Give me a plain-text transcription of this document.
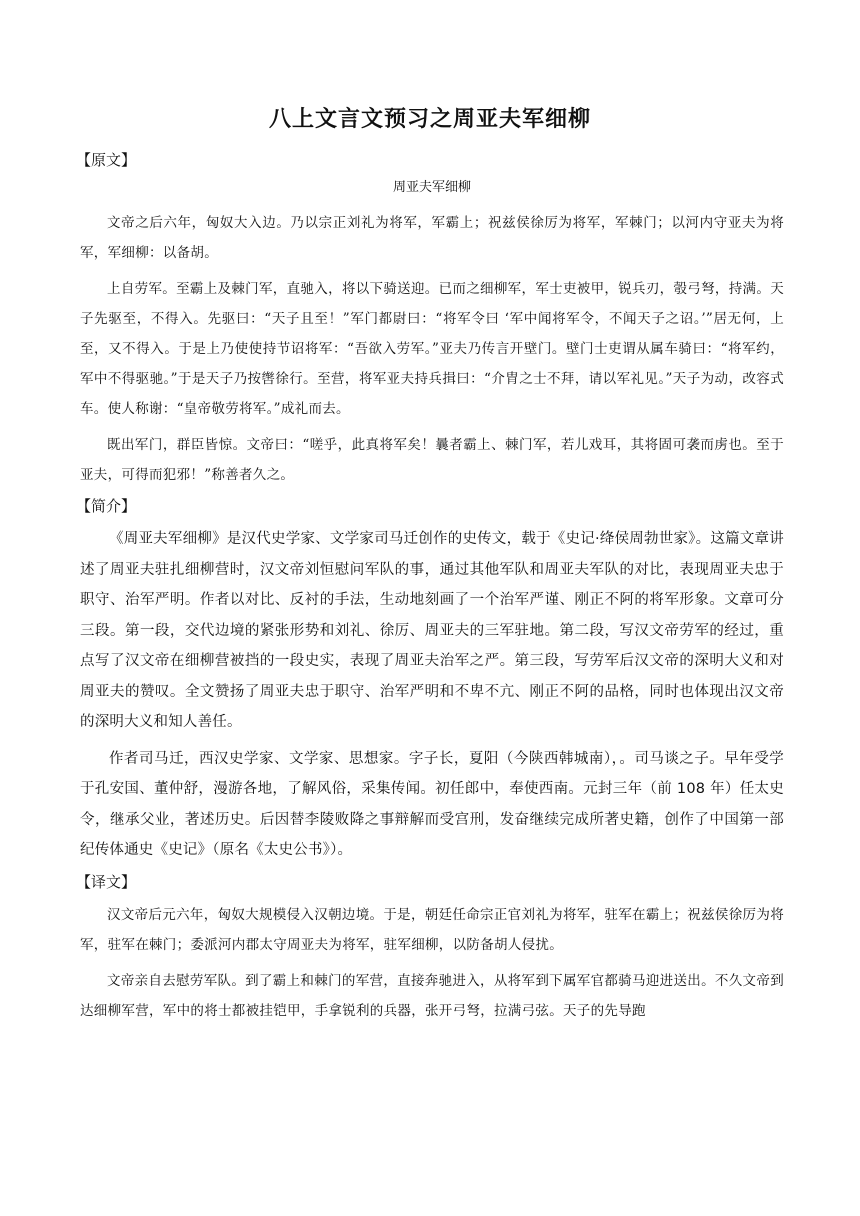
八上文言文预习之周亚夫军细柳
【原文】
周亚夫军细柳

文帝之后六年，匈奴大入边。乃以宗正刘礼为将军，军霸上；祝兹侯徐厉为将军，军棘门；以河内守亚夫为将军，军细柳：以备胡。

上自劳军。至霸上及棘门军，直驰入，将以下骑送迎。已而之细柳军，军士吏被甲，锐兵刃，彀弓弩，持满。天子先驱至，不得入。先驱曰：“天子且至！”军门都尉曰：“将军令曰 ‘军中闻将军令，不闻天子之诏。’”居无何，上至，又不得入。于是上乃使使持节诏将军：“吾欲入劳军。”亚夫乃传言开壁门。壁门士吏谓从属车骑曰：“将军约，军中不得驱驰。”于是天子乃按辔徐行。至营，将军亚夫持兵揖曰：“介胄之士不拜，请以军礼见。”天子为动，改容式车。使人称谢：“皇帝敬劳将军。”成礼而去。

既出军门，群臣皆惊。文帝曰：“嗟乎，此真将军矣！曩者霸上、棘门军，若儿戏耳，其将固可袭而虏也。至于亚夫，可得而犯邪！”称善者久之。

【简介】

《周亚夫军细柳》是汉代史学家、文学家司马迁创作的史传文，载于《史记·绛侯周勃世家》。这篇文章讲述了周亚夫驻扎细柳营时，汉文帝刘恒慰问军队的事，通过其他军队和周亚夫军队的对比，表现周亚夫忠于职守、治军严明。作者以对比、反衬的手法，生动地刻画了一个治军严谨、刚正不阿的将军形象。文章可分三段。第一段，交代边境的紧张形势和刘礼、徐厉、周亚夫的三军驻地。第二段，写汉文帝劳军的经过，重点写了汉文帝在细柳营被挡的一段史实，表现了周亚夫治军之严。第三段，写劳军后汉文帝的深明大义和对周亚夫的赞叹。全文赞扬了周亚夫忠于职守、治军严明和不卑不亢、刚正不阿的品格，同时也体现出汉文帝的深明大义和知人善任。

作者司马迁，西汉史学家、文学家、思想家。字子长，夏阳（今陕西韩城南），。司马谈之子。早年受学于孔安国、董仲舒，漫游各地，了解风俗，采集传闻。初任郎中，奉使西南。元封三年（前 108 年）任太史令，继承父业，著述历史。后因替李陵败降之事辩解而受宫刑，发奋继续完成所著史籍，创作了中国第一部纪传体通史《史记》（原名《太史公书》）。

【译文】

汉文帝后元六年，匈奴大规模侵入汉朝边境。于是，朝廷任命宗正官刘礼为将军，驻军在霸上；祝兹侯徐厉为将军，驻军在棘门；委派河内郡太守周亚夫为将军，驻军细柳，以防备胡人侵扰。

文帝亲自去慰劳军队。到了霸上和棘门的军营，直接奔驰进入，从将军到下属军官都骑马迎进送出。不久文帝到达细柳军营，军中的将士都被挂铠甲，手拿锐利的兵器，张开弓弩，拉满弓弦。天子的先导跑
